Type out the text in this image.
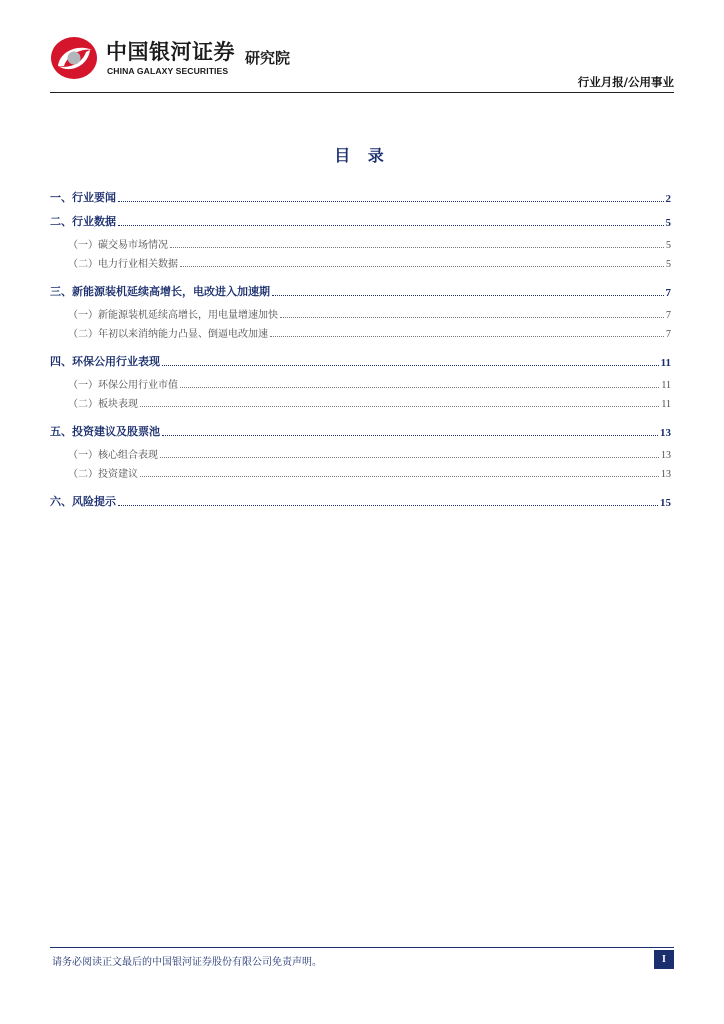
中国银河证券
CHINA GALAXY SECURITIES
研究院
行业月报/公用事业
目 录
一、行业要闻	2
二、行业数据	5
（一）碳交易市场情况	5
（二）电力行业相关数据	5
三、新能源装机延续高增长，电改进入加速期	7
（一）新能源装机延续高增长，用电量增速加快	7
（二）年初以来消纳能力凸显、倒逼电改加速	7
四、环保公用行业表现	11
（一）环保公用行业市值	11
（二）板块表现	11
五、投资建议及股票池	13
（一）核心组合表现	13
（二）投资建议	13
六、风险提示	15
请务必阅读正文最后的中国银河证券股份有限公司免责声明。	I
